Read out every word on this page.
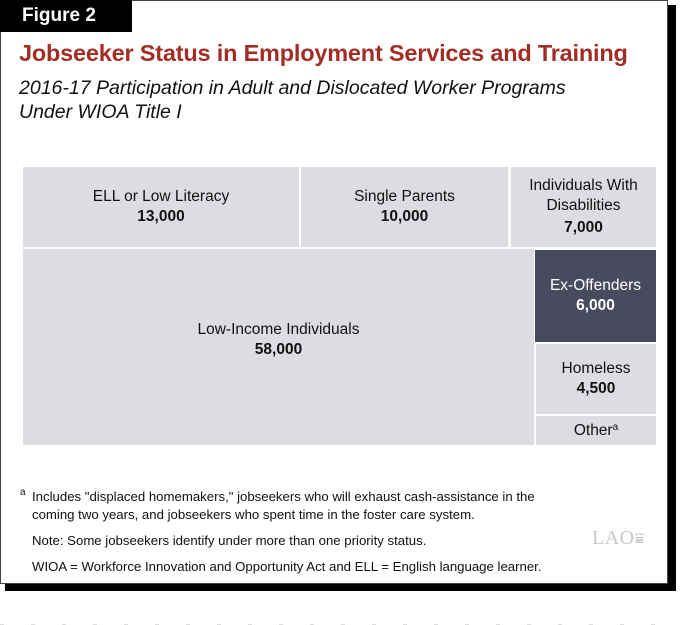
Figure 2
Jobseeker Status in Employment Services and Training
2016-17 Participation in Adult and Dislocated Worker Programs
Under WIOA Title I
ELL or Low Literacy
13,000
Single Parents
10,000
Individuals With
Disabilities
7,000
Low-Income Individuals
58,000
Ex-Offenders
6,000
Homeless
4,500
Other$^a$
a Includes "displaced homemakers," jobseekers who will exhaust cash-assistance in the
coming two years, and jobseekers who spent time in the foster care system.
Note: Some jobseekers identify under more than one priority status.
WIOA = Workforce Innovation and Opportunity Act and ELL = English language learner.
LAO⩸
